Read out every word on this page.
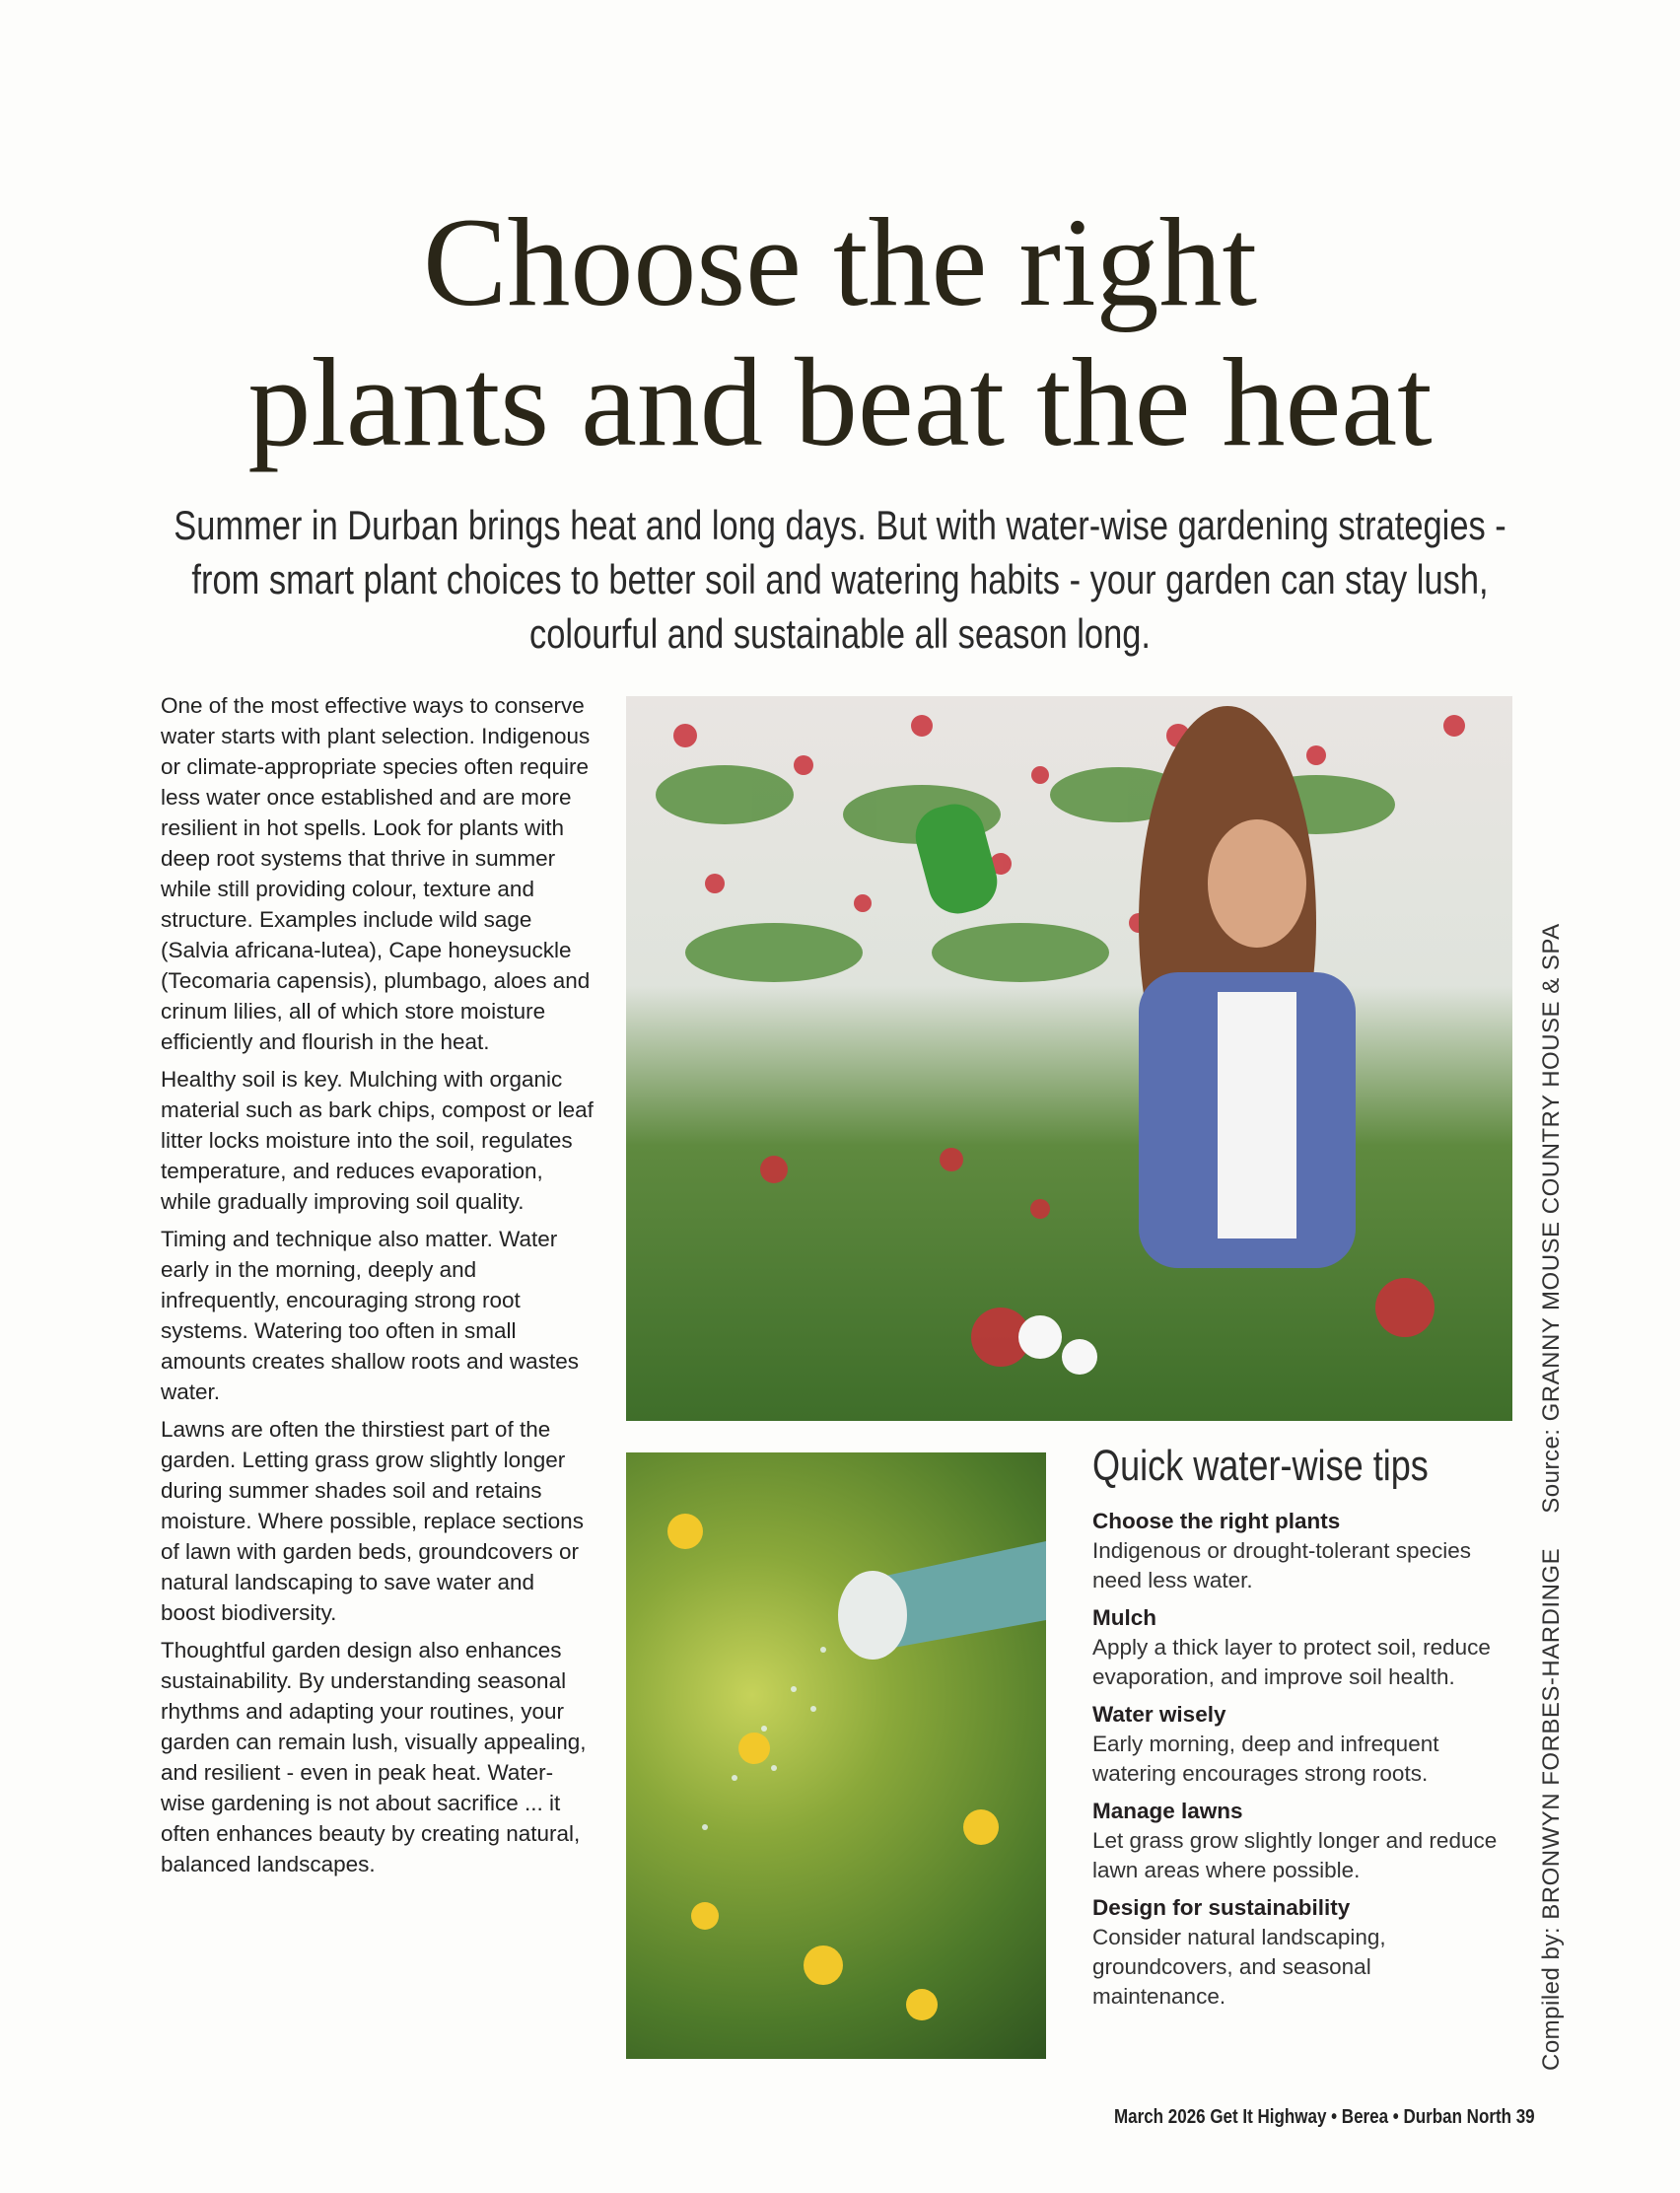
Choose the right
plants and beat the heat
Summer in Durban brings heat and long days. But with water-wise gardening strategies - from smart plant choices to better soil and watering habits - your garden can stay lush, colourful and sustainable all season long.

One of the most effective ways to conserve water starts with plant selection. Indigenous or climate-appropriate species often require less water once established and are more resilient in hot spells. Look for plants with deep root systems that thrive in summer while still providing colour, texture and structure. Examples include wild sage (Salvia africana-lutea), Cape honeysuckle (Tecomaria capensis), plumbago, aloes and crinum lilies, all of which store moisture efficiently and flourish in the heat.

Healthy soil is key. Mulching with organic material such as bark chips, compost or leaf litter locks moisture into the soil, regulates temperature, and reduces evaporation, while gradually improving soil quality.

Timing and technique also matter. Water early in the morning, deeply and infrequently, encouraging strong root systems. Watering too often in small amounts creates shallow roots and wastes water.

Lawns are often the thirstiest part of the garden. Letting grass grow slightly longer during summer shades soil and retains moisture. Where possible, replace sections of lawn with garden beds, groundcovers or natural landscaping to save water and boost biodiversity.

Thoughtful garden design also enhances sustainability. By understanding seasonal rhythms and adapting your routines, your garden can remain lush, visually appealing, and resilient - even in peak heat. Water-wise gardening is not about sacrifice ... it often enhances beauty by creating natural, balanced landscapes.

Quick water-wise tips
Choose the right plants
Indigenous or drought-tolerant species need less water.
Mulch
Apply a thick layer to protect soil, reduce evaporation, and improve soil health.
Water wisely
Early morning, deep and infrequent watering encourages strong roots.
Manage lawns
Let grass grow slightly longer and reduce lawn areas where possible.
Design for sustainability
Consider natural landscaping, groundcovers, and seasonal maintenance.	Compiled by: BRONWYN FORBES-HARDINGE Source: GRANNY MOUSE COUNTRY HOUSE & SPA
March 2026 Get It Highway • Berea • Durban North 39
